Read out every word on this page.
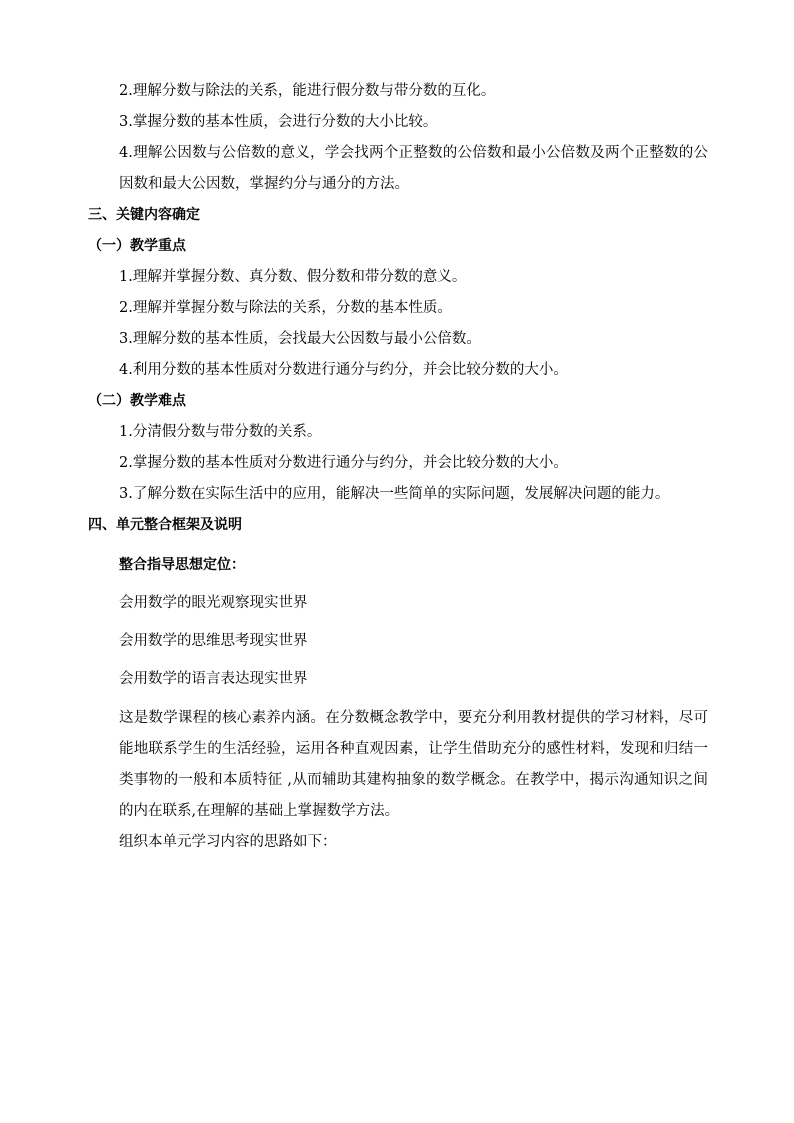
2.理解分数与除法的关系，能进行假分数与带分数的互化。

3.掌握分数的基本性质，会进行分数的大小比较。

4.理解公因数与公倍数的意义，学会找两个正整数的公倍数和最小公倍数及两个正整数的公因数和最大公因数，掌握约分与通分的方法。

三、关键内容确定

（一）教学重点

1.理解并掌握分数、真分数、假分数和带分数的意义。

2.理解并掌握分数与除法的关系，分数的基本性质。

3.理解分数的基本性质，会找最大公因数与最小公倍数。

4.利用分数的基本性质对分数进行通分与约分，并会比较分数的大小。

（二）教学难点

1.分清假分数与带分数的关系。

2.掌握分数的基本性质对分数进行通分与约分，并会比较分数的大小。

3.了解分数在实际生活中的应用，能解决一些简单的实际问题，发展解决问题的能力。

四、单元整合框架及说明

整合指导思想定位：

会用数学的眼光观察现实世界

会用数学的思维思考现实世界

会用数学的语言表达现实世界

这是数学课程的核心素养内涵。在分数概念教学中，要充分利用教材提供的学习材料，尽可能地联系学生的生活经验，运用各种直观因素，让学生借助充分的感性材料，发现和归结一类事物的一般和本质特征 ,从而辅助其建构抽象的数学概念。在教学中，揭示沟通知识之间的内在联系,在理解的基础上掌握数学方法。

组织本单元学习内容的思路如下：
